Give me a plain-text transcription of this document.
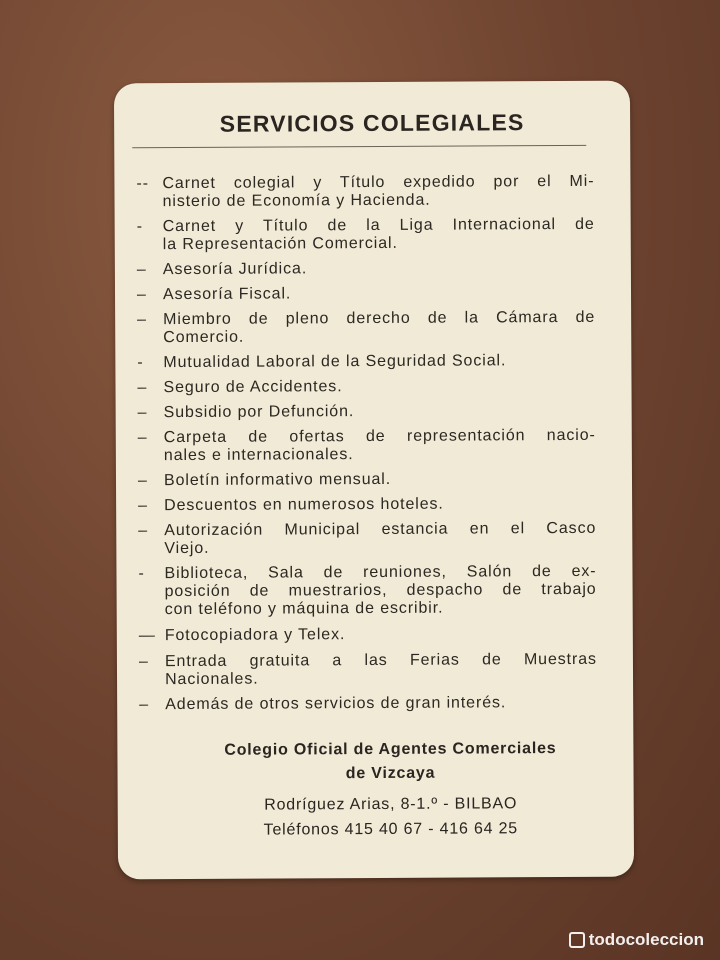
SERVICIOS COLEGIALES
-- Carnet colegial y Título expedido por el Mi-
nisterio de Economía y Hacienda.
- Carnet y Título de la Liga Internacional de
la Representación Comercial.
– Asesoría Jurídica.
– Asesoría Fiscal.
– Miembro de pleno derecho de la Cámara de
Comercio.
- Mutualidad Laboral de la Seguridad Social.
– Seguro de Accidentes.
– Subsidio por Defunción.
– Carpeta de ofertas de representación nacio-
nales e internacionales.
– Boletín informativo mensual.
– Descuentos en numerosos hoteles.
– Autorización Municipal estancia en el Casco
Viejo.
- Biblioteca, Sala de reuniones, Salón de ex-
posición de muestrarios, despacho de trabajo
con teléfono y máquina de escribir.
— Fotocopiadora y Telex.
– Entrada gratuita a las Ferias de Muestras
Nacionales.
– Además de otros servicios de gran interés.
Colegio Oficial de Agentes Comerciales
de Vizcaya
Rodríguez Arias, 8-1.º - BILBAO
Teléfonos 415 40 67 - 416 64 25
todocoleccion
